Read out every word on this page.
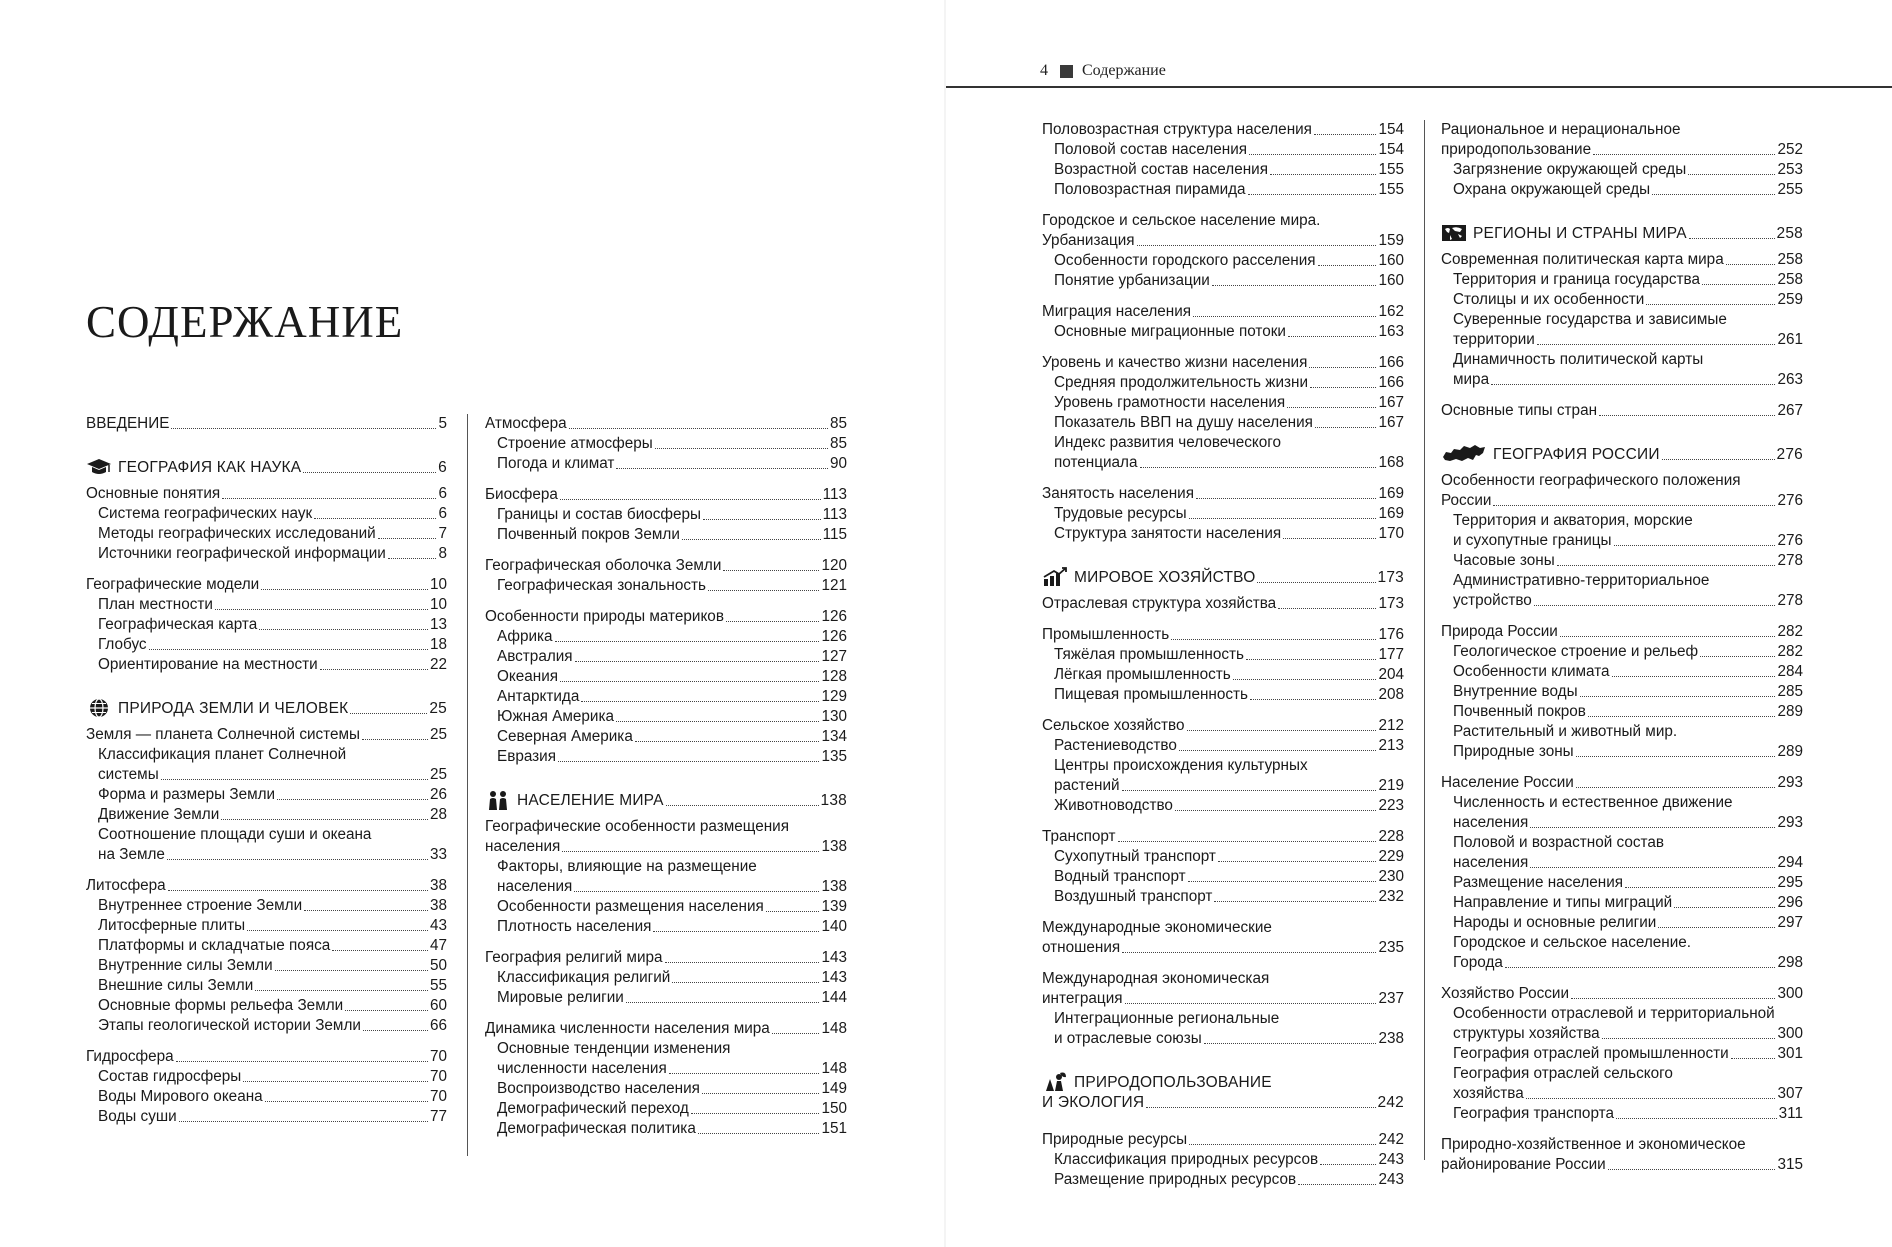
СОДЕРЖАНИЕ
4 Содержание
ВВЕДЕНИЕ	5
ГЕОГРАФИЯ КАК НАУКА	6
Основные понятия	6
Система географических наук	6
Методы географических исследований	7
Источники географической информации	8
Географические модели	10
План местности	10
Географическая карта	13
Глобус	18
Ориентирование на местности	22
ПРИРОДА ЗЕМЛИ И ЧЕЛОВЕК	25
Земля — планета Солнечной системы	25
Классификация планет Солнечной
системы	25
Форма и размеры Земли	26
Движение Земли	28
Соотношение площади суши и океана
на Земле	33
Литосфера	38
Внутреннее строение Земли	38
Литосферные плиты	43
Платформы и складчатые пояса	47
Внутренние силы Земли	50
Внешние силы Земли	55
Основные формы рельефа Земли	60
Этапы геологической истории Земли	66
Гидросфера	70
Состав гидросферы	70
Воды Мирового океана	70
Воды суши	77
Атмосфера	85
Строение атмосферы	85
Погода и климат	90
Биосфера	113
Границы и состав биосферы	113
Почвенный покров Земли	115
Географическая оболочка Земли	120
Географическая зональность	121
Особенности природы материков	126
Африка	126
Австралия	127
Океания	128
Антарктида	129
Южная Америка	130
Северная Америка	134
Евразия	135
НАСЕЛЕНИЕ МИРА	138
Географические особенности размещения
населения	138
Факторы, влияющие на размещение
населения	138
Особенности размещения населения	139
Плотность населения	140
География религий мира	143
Классификация религий	143
Мировые религии	144
Динамика численности населения мира	148
Основные тенденции изменения
численности населения	148
Воспроизводство населения	149
Демографический переход	150
Демографическая политика	151
Половозрастная структура населения	154
Половой состав населения	154
Возрастной состав населения	155
Половозрастная пирамида	155
Городское и сельское население мира.
Урбанизация	159
Особенности городского расселения	160
Понятие урбанизации	160
Миграция населения	162
Основные миграционные потоки	163
Уровень и качество жизни населения	166
Средняя продолжительность жизни	166
Уровень грамотности населения	167
Показатель ВВП на душу населения	167
Индекс развития человеческого
потенциала	168
Занятость населения	169
Трудовые ресурсы	169
Структура занятости населения	170
МИРОВОЕ ХОЗЯЙСТВО	173
Отраслевая структура хозяйства	173
Промышленность	176
Тяжёлая промышленность	177
Лёгкая промышленность	204
Пищевая промышленность	208
Сельское хозяйство	212
Растениеводство	213
Центры происхождения культурных
растений	219
Животноводство	223
Транспорт	228
Сухопутный транспорт	229
Водный транспорт	230
Воздушный транспорт	232
Международные экономические
отношения	235
Международная экономическая
интеграция	237
Интеграционные региональные
и отраслевые союзы	238
ПРИРОДОПОЛЬЗОВАНИЕ
И ЭКОЛОГИЯ	242
Природные ресурсы	242
Классификация природных ресурсов	243
Размещение природных ресурсов	243
Рациональное и нерациональное
природопользование	252
Загрязнение окружающей среды	253
Охрана окружающей среды	255
РЕГИОНЫ И СТРАНЫ МИРА	258
Современная политическая карта мира	258
Территория и граница государства	258
Столицы и их особенности	259
Суверенные государства и зависимые
территории	261
Динамичность политической карты
мира	263
Основные типы стран	267
ГЕОГРАФИЯ РОССИИ	276
Особенности географического положения
России	276
Территория и акватория, морские
и сухопутные границы	276
Часовые зоны	278
Административно-территориальное
устройство	278
Природа России	282
Геологическое строение и рельеф	282
Особенности климата	284
Внутренние воды	285
Почвенный покров	289
Растительный и животный мир.
Природные зоны	289
Население России	293
Численность и естественное движение
населения	293
Половой и возрастной состав
населения	294
Размещение населения	295
Направление и типы миграций	296
Народы и основные религии	297
Городское и сельское население.
Города	298
Хозяйство России	300
Особенности отраслевой и территориальной
структуры хозяйства	300
География отраслей промышленности	301
География отраслей сельского
хозяйства	307
География транспорта	311
Природно-хозяйственное и экономическое
районирование России	315
